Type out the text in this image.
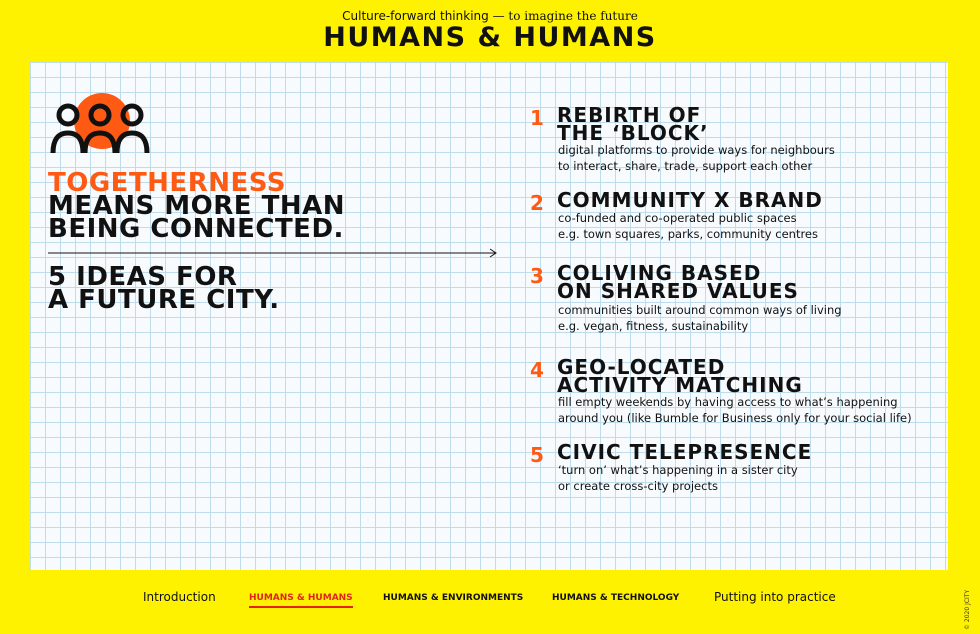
Culture-forward thinking — to imagine the future
HUMANS & HUMANS
TOGETHERNESS
MEANS MORE THAN
BEING CONNECTED.
5 IDEAS FOR
A FUTURE CITY.
1 REBIRTH OF
THE ‘BLOCK’
digital platforms to provide ways for neighbours
to interact, share, trade, support each other
2 COMMUNITY X BRAND
co-funded and co-operated public spaces
e.g. town squares, parks, community centres
3 COLIVING BASED
ON SHARED VALUES
communities built around common ways of living
e.g. vegan, fitness, sustainability
4 GEO-LOCATED
ACTIVITY MATCHING
fill empty weekends by having access to what’s happening
around you (like Bumble for Business only for your social life)
5 CIVIC TELEPRESENCE
‘turn on’ what’s happening in a sister city
or create cross-city projects
Introduction	HUMANS & HUMANS	HUMANS & ENVIRONMENTS	HUMANS & TECHNOLOGY	Putting into practice	© 2020 JCITY
